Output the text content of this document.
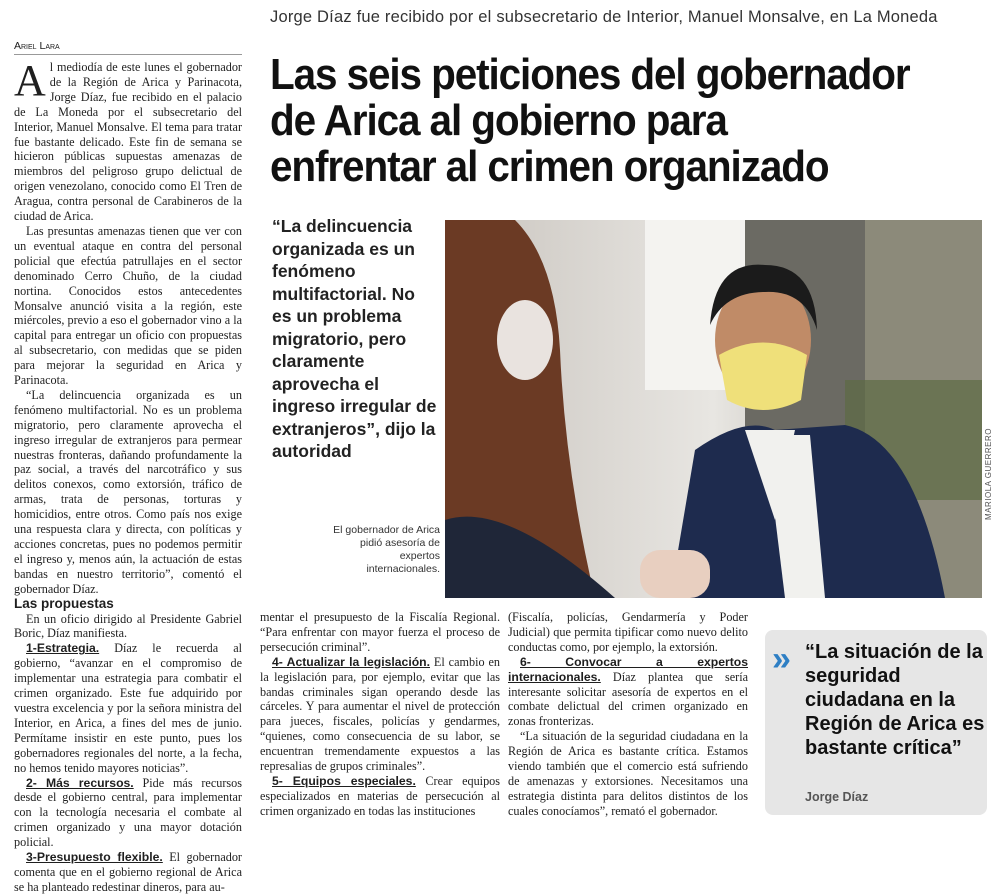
Jorge Díaz fue recibido por el subsecretario de Interior, Manuel Monsalve, en La Moneda
Ariel Lara
Las seis peticiones del gobernador
de Arica al gobierno para
enfrentar al crimen organizado

Al mediodía de este lunes el gobernador de la Región de Arica y Parinacota, Jorge Díaz, fue recibido en el palacio de La Moneda por el subsecretario del Interior, Manuel Monsalve. El tema para tratar fue bastante delicado. Este fin de semana se hicieron públicas supuestas amenazas de miembros del peligroso grupo delictual de origen venezolano, conocido como El Tren de Aragua, contra personal de Carabineros de la ciudad de Arica.

Las presuntas amenazas tienen que ver con un eventual ataque en contra del personal policial que efectúa patrullajes en el sector denominado Cerro Chuño, de la ciudad nortina. Conocidos estos antecedentes Monsalve anunció visita a la región, este miércoles, previo a eso el gobernador vino a la capital para entregar un oficio con propuestas al subsecretario, con medidas que se piden para mejorar la seguridad en Arica y Parinacota.

“La delincuencia organizada es un fenómeno multifactorial. No es un problema migratorio, pero claramente aprovecha el ingreso irregular de extranjeros para permear nuestras fronteras, dañando profundamente la paz social, a través del narcotráfico y sus delitos conexos, como extorsión, tráfico de armas, trata de personas, torturas y homicidios, entre otros. Como país nos exige una respuesta clara y directa, con políticas y acciones concretas, pues no podemos permitir el ingreso y, menos aún, la actuación de estas bandas en nuestro territorio”, comentó el gobernador Díaz.

Las propuestas

En un oficio dirigido al Presidente Gabriel Boric, Díaz manifiesta.

1-Estrategia. Díaz le recuerda al gobierno, “avanzar en el compromiso de implementar una estrategia para combatir el crimen organizado. Este fue adquirido por vuestra excelencia y por la señora ministra del Interior, en Arica, a fines del mes de junio. Permítame insistir en este punto, pues los gobernadores regionales del norte, a la fecha, no hemos tenido mayores noticias”.

2- Más recursos. Pide más recursos desde el gobierno central, para implementar con la tecnología necesaria el combate al crimen organizado y una mayor dotación policial.

3-Presupuesto flexible. El gobernador comenta que en el gobierno regional de Arica se ha planteado redestinar dineros, para au-

“La delincuencia organizada es un fenómeno multifactorial. No es un problema migratorio, pero claramente aprovecha el ingreso irregular de extranjeros”, dijo la autoridad
El gobernador de Arica pidió asesoría de expertos internacionales.
MARIOLA GUERRERO

mentar el presupuesto de la Fiscalía Regional. “Para enfrentar con mayor fuerza el proceso de persecución criminal”.

4- Actualizar la legislación. El cambio en la legislación para, por ejemplo, evitar que las bandas criminales sigan operando desde las cárceles. Y para aumentar el nivel de protección para jueces, fiscales, policías y gendarmes, “quienes, como consecuencia de su labor, se encuentran tremendamente expuestos a las represalias de grupos criminales”.

5- Equipos especiales. Crear equipos especializados en materias de persecución al crimen organizado en todas las instituciones

(Fiscalía, policías, Gendarmería y Poder Judicial) que permita tipificar como nuevo delito conductas como, por ejemplo, la extorsión.

6- Convocar a expertos internacionales. Díaz plantea que sería interesante solicitar asesoría de expertos en el combate delictual del crimen organizado en zonas fronterizas.

“La situación de la seguridad ciudadana en la Región de Arica es bastante crítica. Estamos viendo también que el comercio está sufriendo de amenazas y extorsiones. Necesitamos una estrategia distinta para delitos distintos de los cuales conocíamos”, remató el gobernador.

» “La situación de la seguridad ciudadana en la Región de Arica es bastante crítica”
Jorge Díaz
